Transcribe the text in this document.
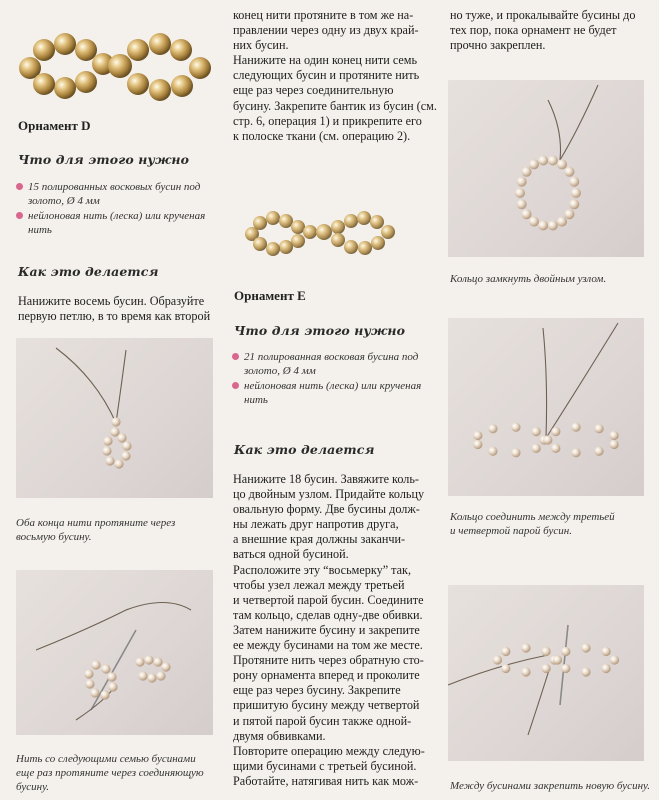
Орнамент D
Что для этого нужно
15 полированных восковых бусин под
золото, Ø 4 мм
нейлоновая нить (леска) или крученая
нить
Как это делается
Нанижите восемь бусин. Образуйте
первую петлю, в то время как второй
Оба конца нити протяните через
восьмую бусину.
Нить со следующими семью бусинами
еще раз протяните через соединяющую
бусину.
конец нити протяните в том же на-
правлении через одну из двух край-
них бусин.
Нанижите на один конец нити семь
следующих бусин и протяните нить
еще раз через соединительную
бусину. Закрепите бантик из бусин (см.
стр. 6, операция 1) и прикрепите его
к полоске ткани (см. операцию 2).
Орнамент Е
Что для этого нужно
21 полированная восковая бусина под
золото, Ø 4 мм
нейлоновая нить (леска) или крученая
нить
Как это делается
Нанижите 18 бусин. Завяжите коль-
цо двойным узлом. Придайте кольцу
овальную форму. Две бусины долж-
ны лежать друг напротив друга,
а внешние края должны заканчи-
ваться одной бусиной.
Расположите эту “восьмерку” так,
чтобы узел лежал между третьей
и четвертой парой бусин. Соедините
там кольцо, сделав одну-две обивки.
Затем нанижите бусину и закрепите
ее между бусинами на том же месте.
Протяните нить через обратную сто-
рону орнамента вперед и проколите
еще раз через бусину. Закрепите
пришитую бусину между четвертой
и пятой парой бусин также одной-
двумя обвивками.
Повторите операцию между следую-
щими бусинами с третьей бусиной.
Работайте, натягивая нить как мож-
но туже, и прокалывайте бусины до
тех пор, пока орнамент не будет
прочно закреплен.
Кольцо замкнуть двойным узлом.
Кольцо соединить между третьей
и четвертой парой бусин.
Между бусинами закрепить новую бусину.
